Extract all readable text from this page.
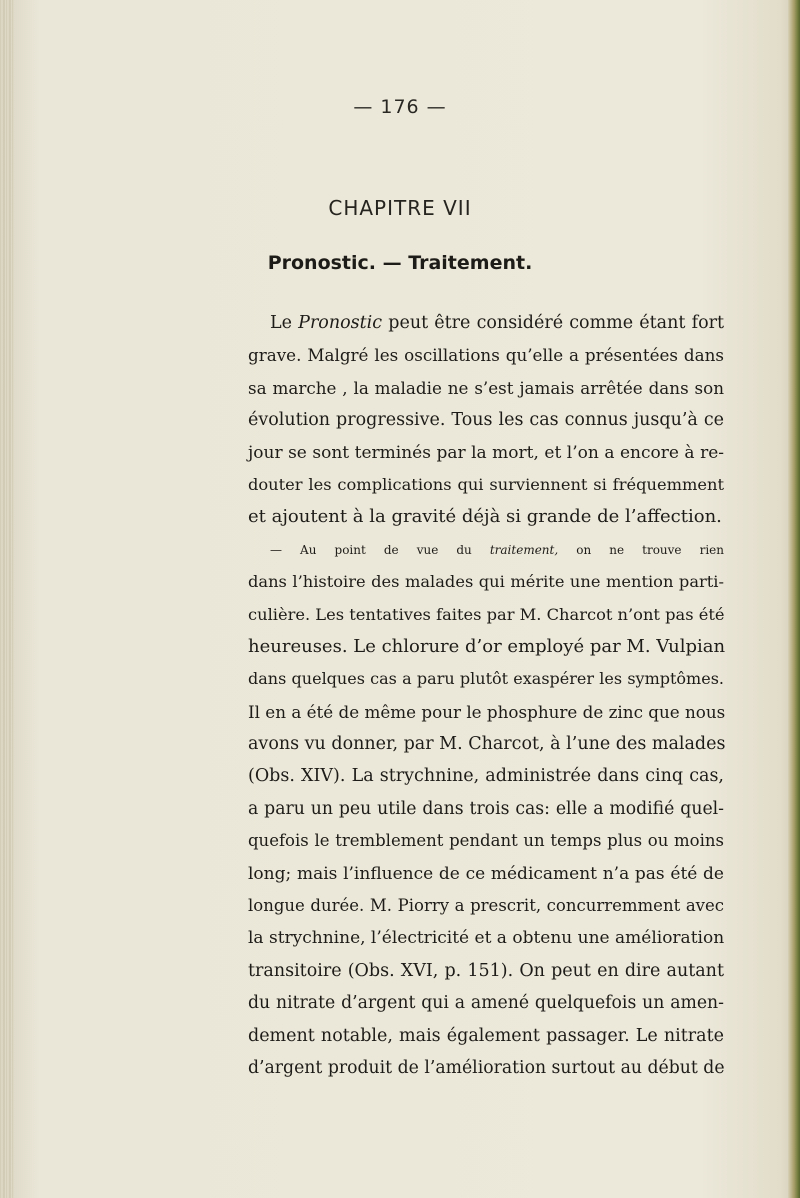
— 176 —
CHAPITRE VII
Pronostic. — Traitement.
Le Pronostic peut être considéré comme étant fort
grave. Malgré les oscillations qu’elle a présentées dans
sa marche , la maladie ne s’est jamais arrêtée dans son
évolution progressive. Tous les cas connus jusqu’à ce
jour se sont terminés par la mort, et l’on a encore à re-
douter les complications qui surviennent si fréquemment
et ajoutent à la gravité déjà si grande de l’affection.
— Au point de vue du traitement, on ne trouve rien
dans l’histoire des malades qui mérite une mention parti-
culière. Les tentatives faites par M. Charcot n’ont pas été
heureuses. Le chlorure d’or employé par M. Vulpian
dans quelques cas a paru plutôt exaspérer les symptômes.
Il en a été de même pour le phosphure de zinc que nous
avons vu donner, par M. Charcot, à l’une des malades
(Obs. XIV). La strychnine, administrée dans cinq cas,
a paru un peu utile dans trois cas: elle a modifié quel-
quefois le tremblement pendant un temps plus ou moins
long; mais l’influence de ce médicament n’a pas été de
longue durée. M. Piorry a prescrit, concurremment avec
la strychnine, l’électricité et a obtenu une amélioration
transitoire (Obs. XVI, p. 151). On peut en dire autant
du nitrate d’argent qui a amené quelquefois un amen-
dement notable, mais également passager. Le nitrate
d’argent produit de l’amélioration surtout au début de
